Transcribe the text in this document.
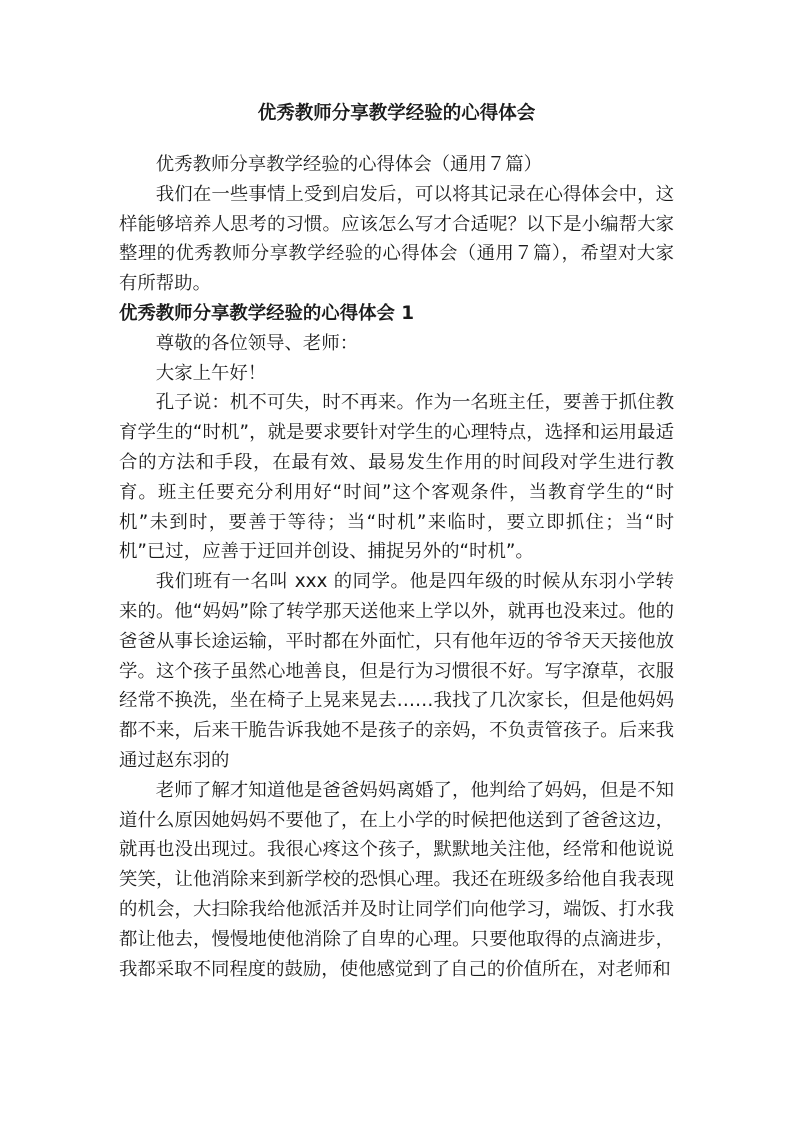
优秀教师分享教学经验的心得体会

优秀教师分享教学经验的心得体会（通用７篇）

我们在一些事情上受到启发后，可以将其记录在心得体会中，这样能够培养人思考的习惯。应该怎么写才合适呢？以下是小编帮大家整理的优秀教师分享教学经验的心得体会（通用７篇），希望对大家有所帮助。

优秀教师分享教学经验的心得体会 1

尊敬的各位领导、老师：

大家上午好！

孔子说：机不可失，时不再来。作为一名班主任，要善于抓住教育学生的“时机”，就是要求要针对学生的心理特点，选择和运用最适合的方法和手段，在最有效、最易发生作用的时间段对学生进行教育。班主任要充分利用好“时间”这个客观条件，当教育学生的“时机”未到时，要善于等待；当“时机”来临时，要立即抓住；当“时机”已过，应善于迂回并创设、捕捉另外的“时机”。

我们班有一名叫 xxx 的同学。他是四年级的时候从东羽小学转来的。他“妈妈”除了转学那天送他来上学以外，就再也没来过。他的爸爸从事长途运输，平时都在外面忙，只有他年迈的爷爷天天接他放学。这个孩子虽然心地善良，但是行为习惯很不好。写字潦草，衣服经常不换洗，坐在椅子上晃来晃去……我找了几次家长，但是他妈妈都不来，后来干脆告诉我她不是孩子的亲妈，不负责管孩子。后来我通过赵东羽的

老师了解才知道他是爸爸妈妈离婚了，他判给了妈妈，但是不知道什么原因她妈妈不要他了，在上小学的时候把他送到了爸爸这边，就再也没出现过。我很心疼这个孩子，默默地关注他，经常和他说说笑笑，让他消除来到新学校的恐惧心理。我还在班级多给他自我表现的机会，大扫除我给他派活并及时让同学们向他学习，端饭、打水我都让他去，慢慢地使他消除了自卑的心理。只要他取得的点滴进步，我都采取不同程度的鼓励，使他感觉到了自己的价值所在，对老师和
